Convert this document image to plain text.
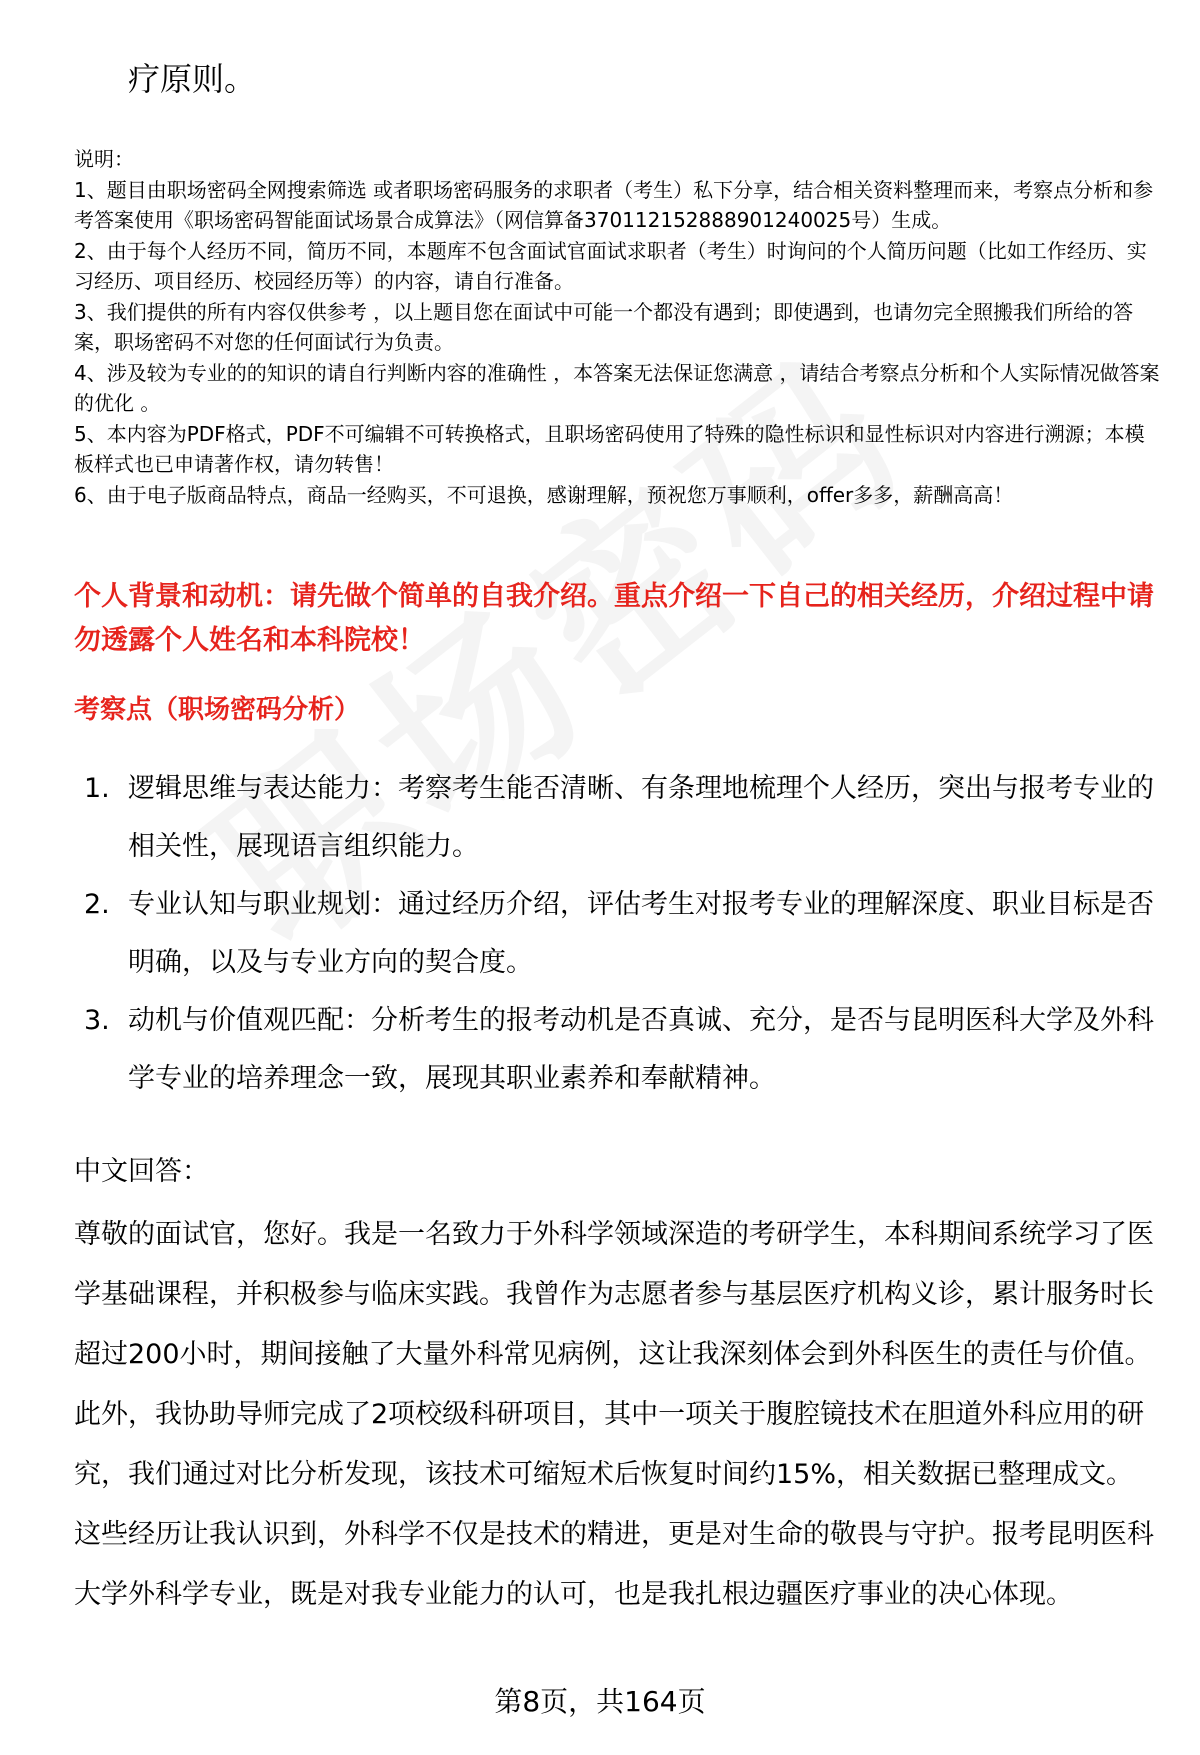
疗原则。
说明：
1、题目由职场密码全网搜索筛选 或者职场密码服务的求职者（考生）私下分享，结合相关资料整理而来，考察点分析和参考答案使用《职场密码智能面试场景合成算法》（网信算备370112152888901240025号）生成。
2、由于每个人经历不同，简历不同，本题库不包含面试官面试求职者（考生）时询问的个人简历问题（比如工作经历、实习经历、项目经历、校园经历等）的内容，请自行准备。
3、我们提供的所有内容仅供参考 ，以上题目您在面试中可能一个都没有遇到；即使遇到，也请勿完全照搬我们所给的答案，职场密码不对您的任何面试行为负责。
4、涉及较为专业的的知识的请自行判断内容的准确性 ，本答案无法保证您满意 ，请结合考察点分析和个人实际情况做答案的优化 。
5、本内容为PDF格式，PDF不可编辑不可转换格式，且职场密码使用了特殊的隐性标识和显性标识对内容进行溯源；本模板样式也已申请著作权，请勿转售！
6、由于电子版商品特点，商品一经购买，不可退换，感谢理解，预祝您万事顺利，offer多多，薪酬高高！
个人背景和动机：请先做个简单的自我介绍。重点介绍一下自己的相关经历，介绍过程中请勿透露个人姓名和本科院校！
考察点（职场密码分析）
1. 逻辑思维与表达能力：考察考生能否清晰、有条理地梳理个人经历，突出与报考专业的相关性，展现语言组织能力。
2. 专业认知与职业规划：通过经历介绍，评估考生对报考专业的理解深度、职业目标是否明确，以及与专业方向的契合度。
3. 动机与价值观匹配：分析考生的报考动机是否真诚、充分，是否与昆明医科大学及外科学专业的培养理念一致，展现其职业素养和奉献精神。
中文回答：
尊敬的面试官，您好。我是一名致力于外科学领域深造的考研学生，本科期间系统学习了医学基础课程，并积极参与临床实践。我曾作为志愿者参与基层医疗机构义诊，累计服务时长超过200小时，期间接触了大量外科常见病例，这让我深刻体会到外科医生的责任与价值。此外，我协助导师完成了2项校级科研项目，其中一项关于腹腔镜技术在胆道外科应用的研究，我们通过对比分析发现，该技术可缩短术后恢复时间约15%，相关数据已整理成文。这些经历让我认识到，外科学不仅是技术的精进，更是对生命的敬畏与守护。报考昆明医科大学外科学专业，既是对我专业能力的认可，也是我扎根边疆医疗事业的决心体现。
第8页，共164页
